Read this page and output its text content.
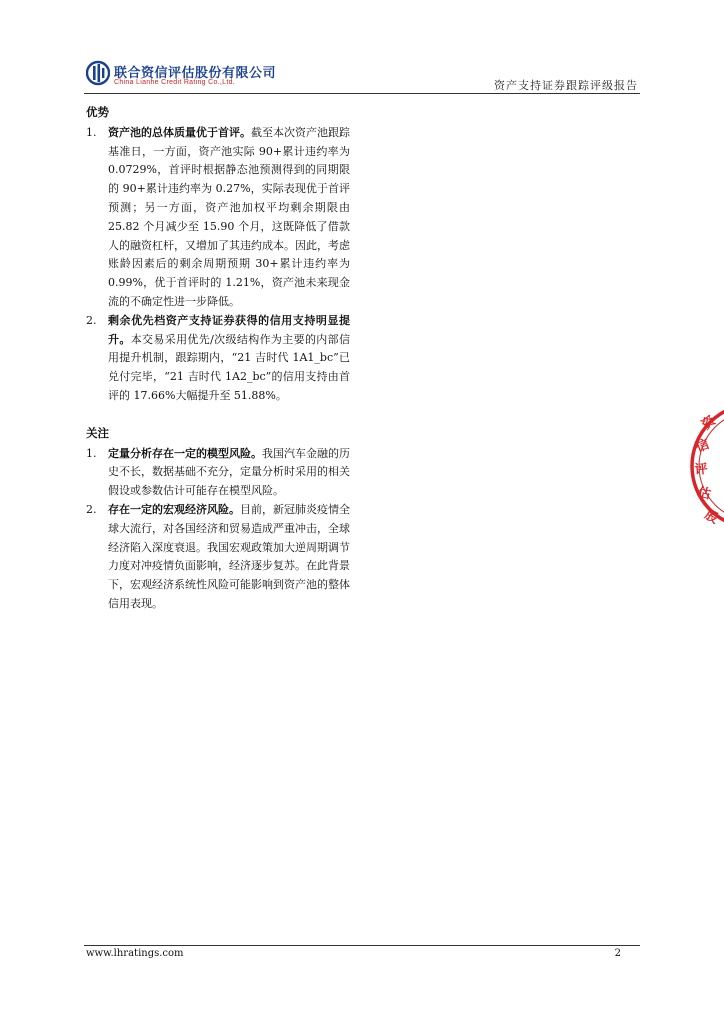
联合资信评估股份有限公司
China Lianhe Credit Rating Co.,Ltd.	资产支持证券跟踪评级报告
优势
1. 资产池的总体质量优于首评。截至本次资产池跟踪基准日，一方面，资产池实际 90+累计违约率为 0.0729%，首评时根据静态池预测得到的同期限的 90+累计违约率为 0.27%，实际表现优于首评预测；另一方面，资产池加权平均剩余期限由 25.82 个月减少至 15.90 个月，这既降低了借款人的融资杠杆，又增加了其违约成本。因此，考虑账龄因素后的剩余周期预期 30+累计违约率为 0.99%，优于首评时的 1.21%，资产池未来现金流的不确定性进一步降低。
2. 剩余优先档资产支持证券获得的信用支持明显提升。本交易采用优先/次级结构作为主要的内部信用提升机制，跟踪期内，“21 吉时代 1A1_bc”已兑付完毕，“21 吉时代 1A2_bc”的信用支持由首评的 17.66%大幅提升至 51.88%。
关注
1. 定量分析存在一定的模型风险。我国汽车金融的历史不长，数据基础不充分，定量分析时采用的相关假设或参数估计可能存在模型风险。
2. 存在一定的宏观经济风险。目前，新冠肺炎疫情全球大流行，对各国经济和贸易造成严重冲击，全球经济陷入深度衰退。我国宏观政策加大逆周期调节力度对冲疫情负面影响，经济逐步复苏。在此背景下，宏观经济系统性风险可能影响到资产池的整体信用表现。
资
信
评
估
股
www.lhratings.com	2
